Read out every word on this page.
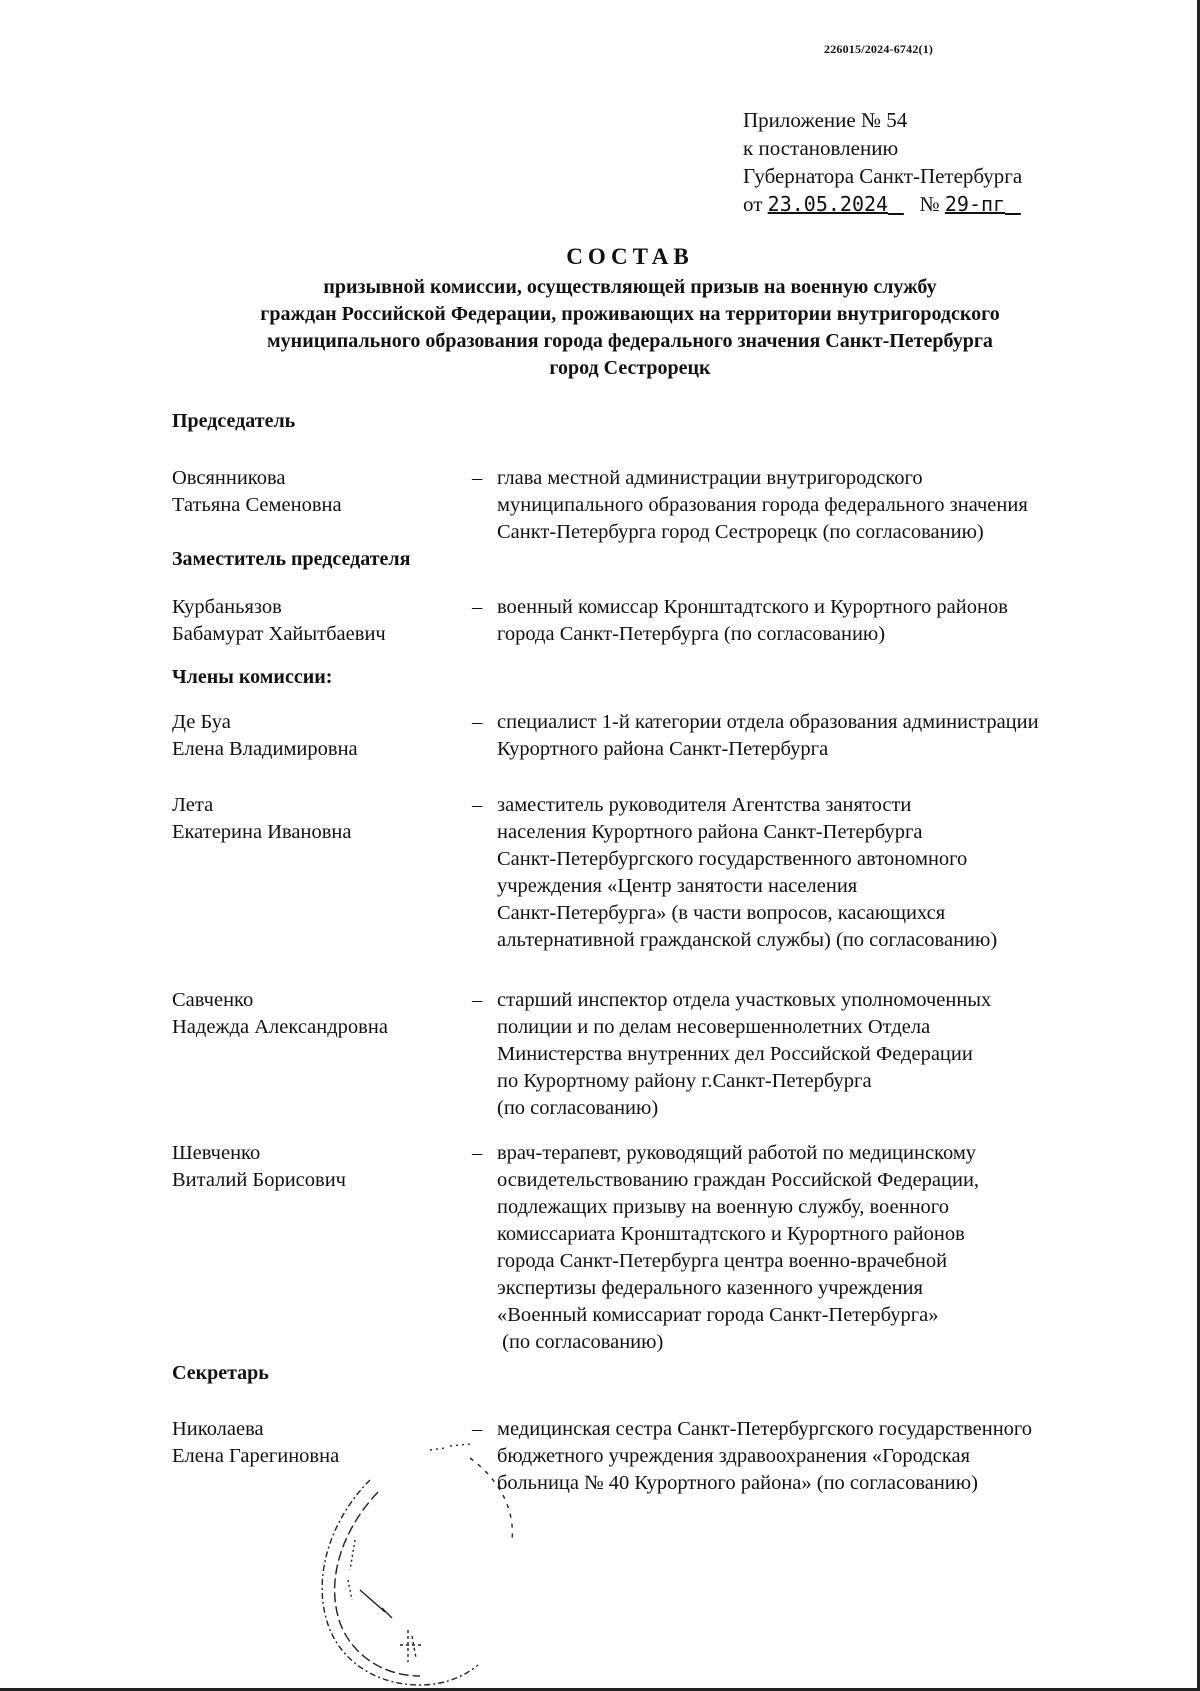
226015/2024-6742(1)
Приложение № 54
к постановлению
Губернатора Санкт-Петербурга
от 23.05.2024 № 29-пг
СОСТАВ
призывной комиссии, осуществляющей призыв на военную службу
граждан Российской Федерации, проживающих на территории внутригородского
муниципального образования города федерального значения Санкт-Петербурга
город Сестрорецк
Председатель
Овсянникова
Татьяна Семеновна
– глава местной администрации внутригородского
муниципального образования города федерального значения
Санкт-Петербурга город Сестрорецк (по согласованию)
Заместитель председателя
Курбаньязов
Бабамурат Хайытбаевич
– военный комиссар Кронштадтского и Курортного районов
города Санкт-Петербурга (по согласованию)
Члены комиссии:
Де Буа
Елена Владимировна
– специалист 1-й категории отдела образования администрации
Курортного района Санкт-Петербурга
Лета
Екатерина Ивановна
– заместитель руководителя Агентства занятости
населения Курортного района Санкт-Петербурга
Санкт-Петербургского государственного автономного
учреждения «Центр занятости населения
Санкт-Петербурга» (в части вопросов, касающихся
альтернативной гражданской службы) (по согласованию)
Савченко
Надежда Александровна
– старший инспектор отдела участковых уполномоченных
полиции и по делам несовершеннолетних Отдела
Министерства внутренних дел Российской Федерации
по Курортному району г.Санкт-Петербурга
(по согласованию)
Шевченко
Виталий Борисович
– врач-терапевт, руководящий работой по медицинскому
освидетельствованию граждан Российской Федерации,
подлежащих призыву на военную службу, военного
комиссариата Кронштадтского и Курортного районов
города Санкт-Петербурга центра военно-врачебной
экспертизы федерального казенного учреждения
«Военный комиссариат города Санкт-Петербурга»
(по согласованию)
Секретарь
Николаева
Елена Гарегиновна
– медицинская сестра Санкт-Петербургского государственного
бюджетного учреждения здравоохранения «Городская
больница № 40 Курортного района» (по согласованию)
